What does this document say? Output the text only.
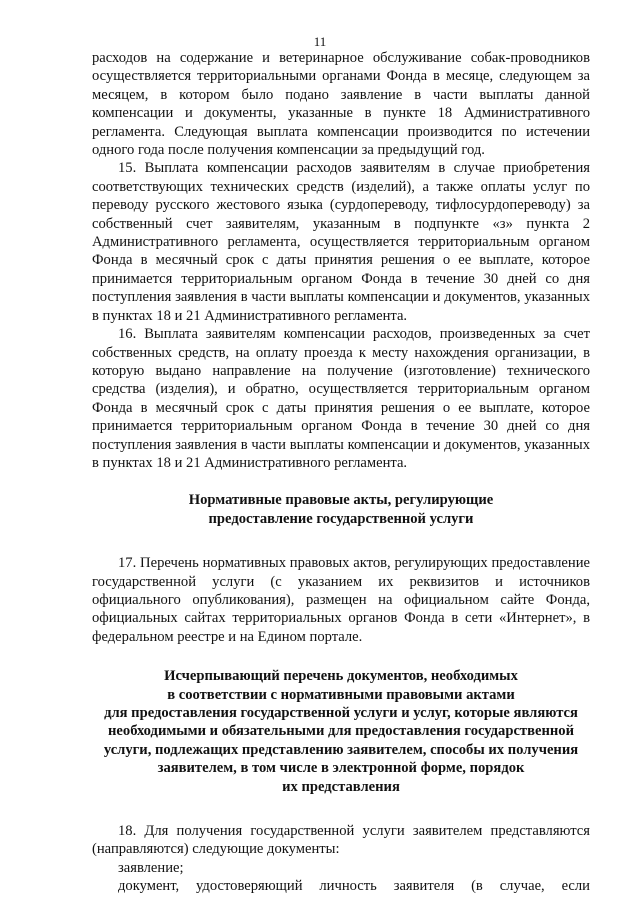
11

расходов на содержание и ветеринарное обслуживание собак-проводников осуществляется территориальными органами Фонда в месяце, следующем за месяцем, в котором было подано заявление в части выплаты данной компенсации и документы, указанные в пункте 18 Административного регламента. Следующая выплата компенсации производится по истечении одного года после получения компенсации за предыдущий год.

15. Выплата компенсации расходов заявителям в случае приобретения соответствующих технических средств (изделий), а также оплаты услуг по переводу русского жестового языка (сурдопереводу, тифлосурдопереводу) за собственный счет заявителям, указанным в подпункте «з» пункта 2 Административного регламента, осуществляется территориальным органом Фонда в месячный срок с даты принятия решения о ее выплате, которое принимается территориальным органом Фонда в течение 30 дней со дня поступления заявления в части выплаты компенсации и документов, указанных в пунктах 18 и 21 Административного регламента.

16. Выплата заявителям компенсации расходов, произведенных за счет собственных средств, на оплату проезда к месту нахождения организации, в которую выдано направление на получение (изготовление) технического средства (изделия), и обратно, осуществляется территориальным органом Фонда в месячный срок с даты принятия решения о ее выплате, которое принимается территориальным органом Фонда в течение 30 дней со дня поступления заявления в части выплаты компенсации и документов, указанных в пунктах 18 и 21 Административного регламента.

Нормативные правовые акты, регулирующие
предоставление государственной услуги

17. Перечень нормативных правовых актов, регулирующих предоставление государственной услуги (с указанием их реквизитов и источников официального опубликования), размещен на официальном сайте Фонда, официальных сайтах территориальных органов Фонда в сети «Интернет», в федеральном реестре и на Едином портале.

Исчерпывающий перечень документов, необходимых
в соответствии с нормативными правовыми актами
для предоставления государственной услуги и услуг, которые являются
необходимыми и обязательными для предоставления государственной
услуги, подлежащих представлению заявителем, способы их получения
заявителем, в том числе в электронной форме, порядок
их представления

18. Для получения государственной услуги заявителем представляются (направляются) следующие документы:

заявление;

документ, удостоверяющий личность заявителя (в случае, если
